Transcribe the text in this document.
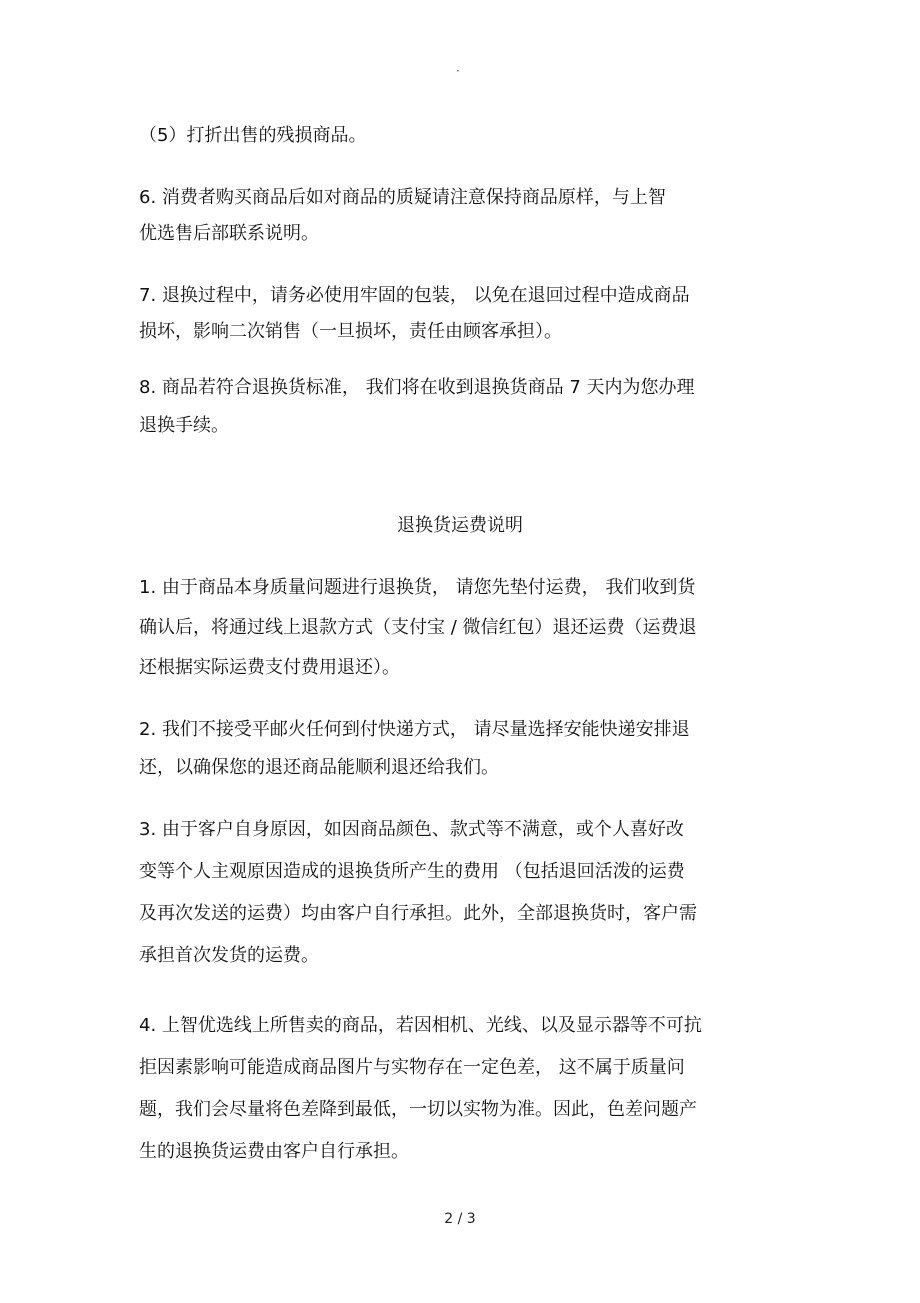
·
（5）打折出售的残损商品。
6. 消费者购买商品后如对商品的质疑请注意保持商品原样，与上智
优选售后部联系说明。
7. 退换过程中，请务必使用牢固的包装， 以免在退回过程中造成商品
损坏，影响二次销售（一旦损坏，责任由顾客承担）。
8. 商品若符合退换货标准， 我们将在收到退换货商品 7 天内为您办理
退换手续。
退换货运费说明
1. 由于商品本身质量问题进行退换货， 请您先垫付运费， 我们收到货
确认后，将通过线上退款方式（支付宝 / 微信红包）退还运费（运费退
还根据实际运费支付费用退还）。
2. 我们不接受平邮火任何到付快递方式， 请尽量选择安能快递安排退
还，以确保您的退还商品能顺利退还给我们。
3. 由于客户自身原因，如因商品颜色、款式等不满意，或个人喜好改
变等个人主观原因造成的退换货所产生的费用 （包括退回活泼的运费
及再次发送的运费）均由客户自行承担。此外，全部退换货时，客户需
承担首次发货的运费。
4. 上智优选线上所售卖的商品，若因相机、光线、以及显示器等不可抗
拒因素影响可能造成商品图片与实物存在一定色差， 这不属于质量问
题，我们会尽量将色差降到最低，一切以实物为准。因此，色差问题产
生的退换货运费由客户自行承担。
2 / 3
